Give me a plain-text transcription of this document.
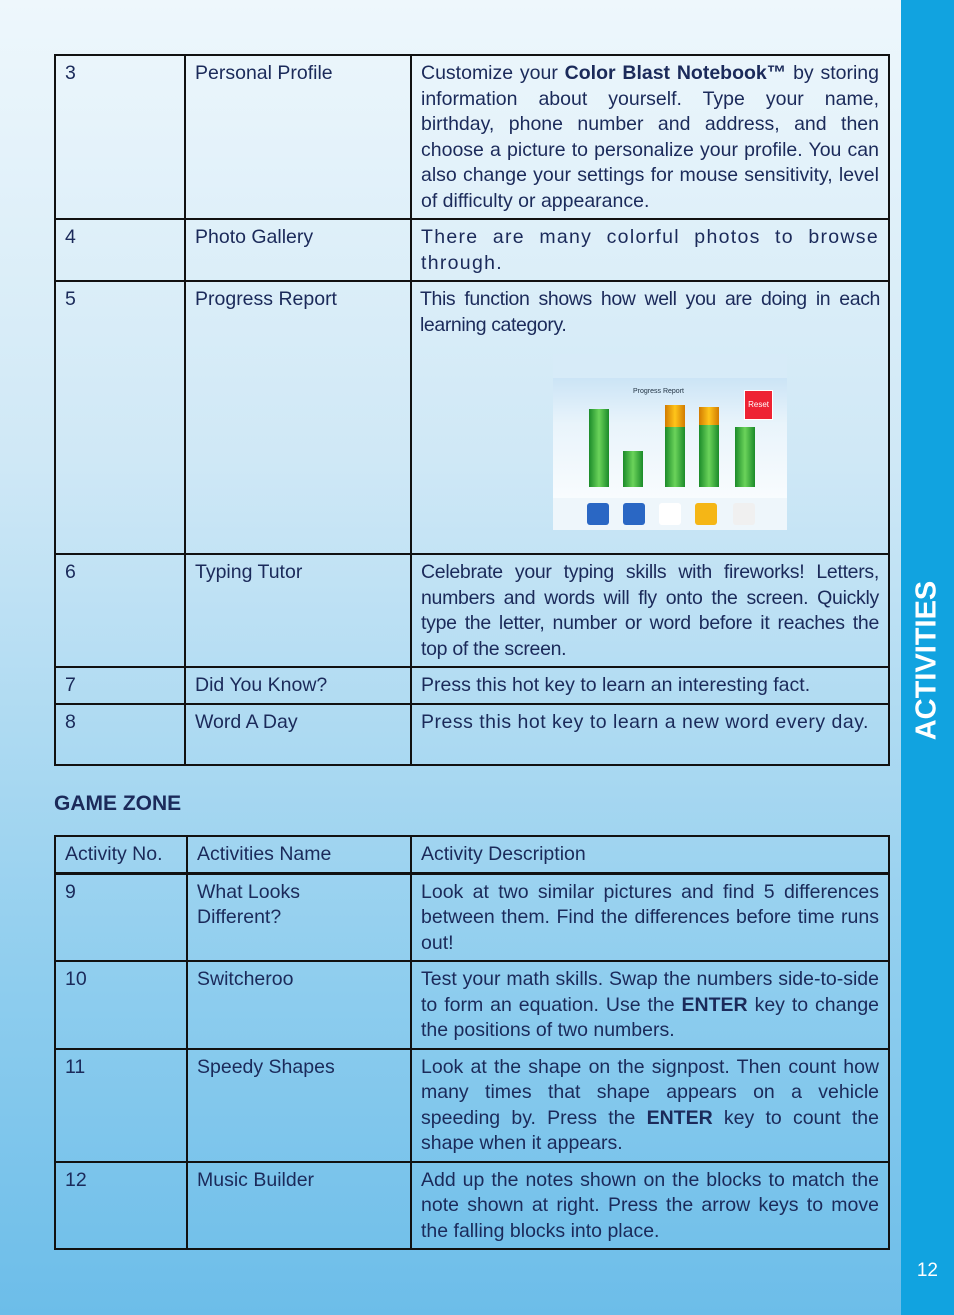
ACTIVITIES
12
3	Personal Profile	Customize your Color Blast Notebook™ by storing information about yourself. Type your name, birthday, phone number and address, and then choose a picture to personalize your profile. You can also change your settings for mouse sensitivity, level of difficulty or appearance.
4	Photo Gallery	There are many colorful photos to browse through.
5	Progress Report	This function shows how well you are doing in each learning category.
Progress Report
Reset

6	Typing Tutor	Celebrate your typing skills with fireworks! Letters, numbers and words will fly onto the screen. Quickly type the letter, number or word before it reaches the top of the screen.
7	Did You Know?	Press this hot key to learn an interesting fact.
8	Word A Day	Press this hot key to learn a new word every day.
GAME ZONE
Activity No.	Activities Name	Activity Description
9	What Looks Different?	Look at two similar pictures and find 5 differences between them. Find the differences before time runs out!
10	Switcheroo	Test your math skills. Swap the numbers side-to-side to form an equation. Use the ENTER key to change the positions of two numbers.
11	Speedy Shapes	Look at the shape on the signpost. Then count how many times that shape appears on a vehicle speeding by. Press the ENTER key to count the shape when it appears.
12	Music Builder	Add up the notes shown on the blocks to match the note shown at right. Press the arrow keys to move the falling blocks into place.
